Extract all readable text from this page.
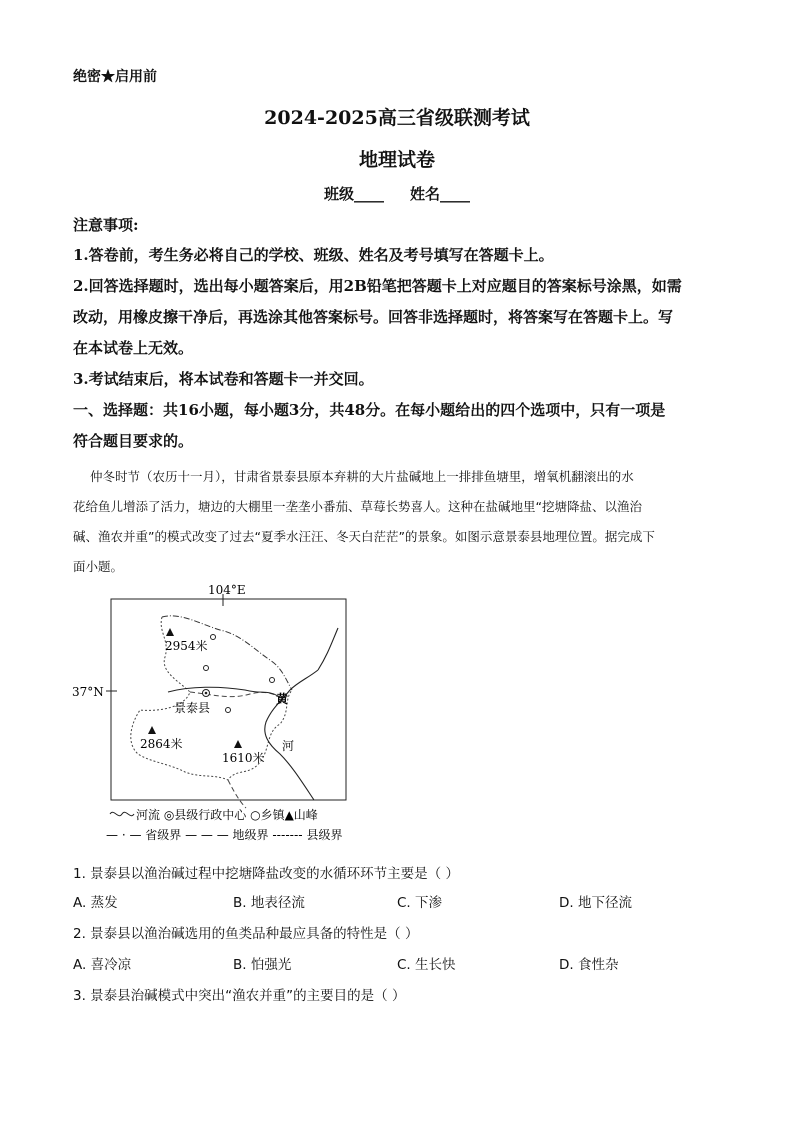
绝密★启用前
2024-2025高三省级联测考试
地理试卷
班级____     姓名____
注意事项:
1.答卷前，考生务必将自己的学校、班级、姓名及考号填写在答题卡上。
2.回答选择题时，选出每小题答案后，用2B铅笔把答题卡上对应题目的答案标号涂黑，如需
改动，用橡皮擦干净后，再选涂其他答案标号。回答非选择题时，将答案写在答题卡上。写
在本试卷上无效。
3.考试结束后，将本试卷和答题卡一并交回。
一、选择题：共16小题，每小题3分，共48分。在每小题给出的四个选项中，只有一项是
符合题目要求的。
仲冬时节（农历十一月），甘肃省景泰县原本弃耕的大片盐碱地上一排排鱼塘里，增氧机翻滚出的水
花给鱼儿增添了活力，塘边的大棚里一垄垄小番茄、草莓长势喜人。这种在盐碱地里“挖塘降盐、以渔治
碱、渔农并重”的模式改变了过去“夏季水汪汪、冬天白茫茫”的景象。如图示意景泰县地理位置。据完成下
面小题。
104°E
37°N
2954米
2864米
1610米
景泰县
黄
河
河流 ◎县级行政中心 ○乡镇▲山峰
— · — 省级界 — — — 地级界 ------- 县级界
1. 景泰县以渔治碱过程中挖塘降盐改变的水循环环节主要是（ ）
A. 蒸发	B. 地表径流	C. 下渗	D. 地下径流
2. 景泰县以渔治碱选用的鱼类品种最应具备的特性是（ ）
A. 喜冷凉	B. 怕强光	C. 生长快	D. 食性杂
3. 景泰县治碱模式中突出“渔农并重”的主要目的是（ ）
